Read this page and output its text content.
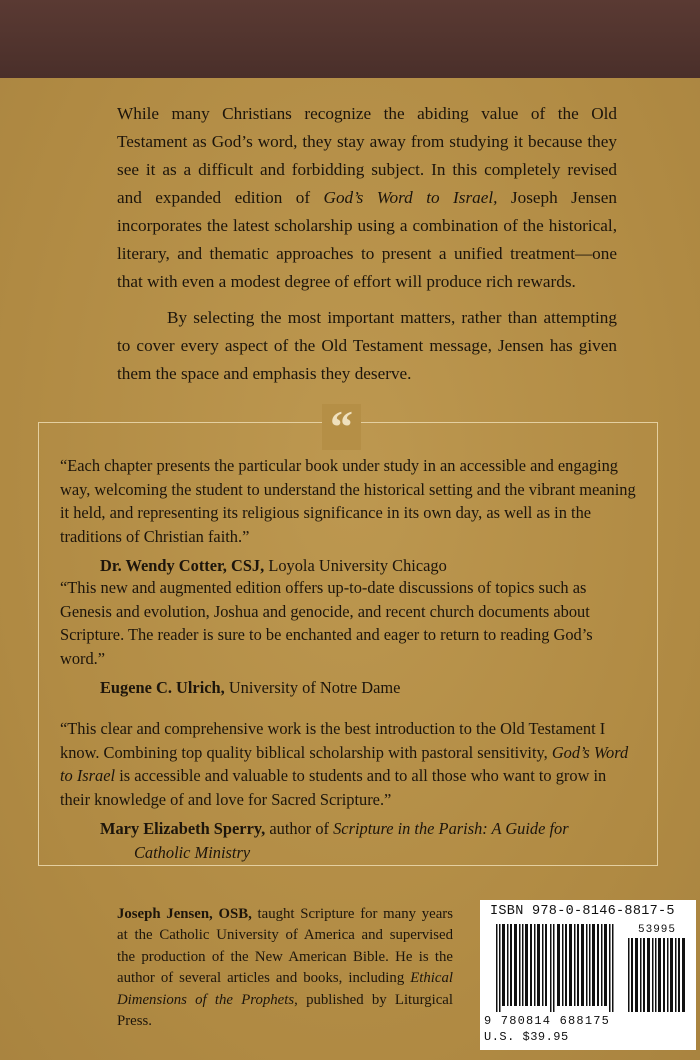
While many Christians recognize the abiding value of the Old Testament as God’s word, they stay away from studying it because they see it as a difficult and forbidding subject. In this completely revised and expanded edition of God’s Word to Israel, Joseph Jensen incorporates the latest scholarship using a combination of the historical, literary, and thematic approaches to present a unified treatment—one that with even a modest degree of effort will produce rich rewards.

By selecting the most important matters, rather than attempting to cover every aspect of the Old Testament message, Jensen has given them the space and emphasis they deserve.

“

“Each chapter presents the particular book under study in an accessible and engaging way, welcoming the student to understand the historical setting and the vibrant meaning it held, and representing its religious significance in its own day, as well as in the traditions of Christian faith.”

Dr. Wendy Cotter, CSJ, Loyola University Chicago

“This new and augmented edition offers up-to-date discussions of topics such as Genesis and evolution, Joshua and genocide, and recent church documents about Scripture. The reader is sure to be enchanted and eager to return to reading God’s word.”

Eugene C. Ulrich, University of Notre Dame

“This clear and comprehensive work is the best introduction to the Old Testament I know. Combining top quality biblical scholarship with pastoral sensitivity, God’s Word to Israel is accessible and valuable to students and to all those who want to grow in their knowledge of and love for Sacred Scripture.”

Mary Elizabeth Sperry, author of Scripture in the Parish: A Guide for
Catholic Ministry

Joseph Jensen, OSB, taught Scripture for many years at the Catholic University of America and supervised the production of the New American Bible. He is the author of several articles and books, including Ethical Dimensions of the Prophets, published by Liturgical Press.
ISBN 978-0-8146-8817-5
53995
9 780814 688175
U.S. $39.95
